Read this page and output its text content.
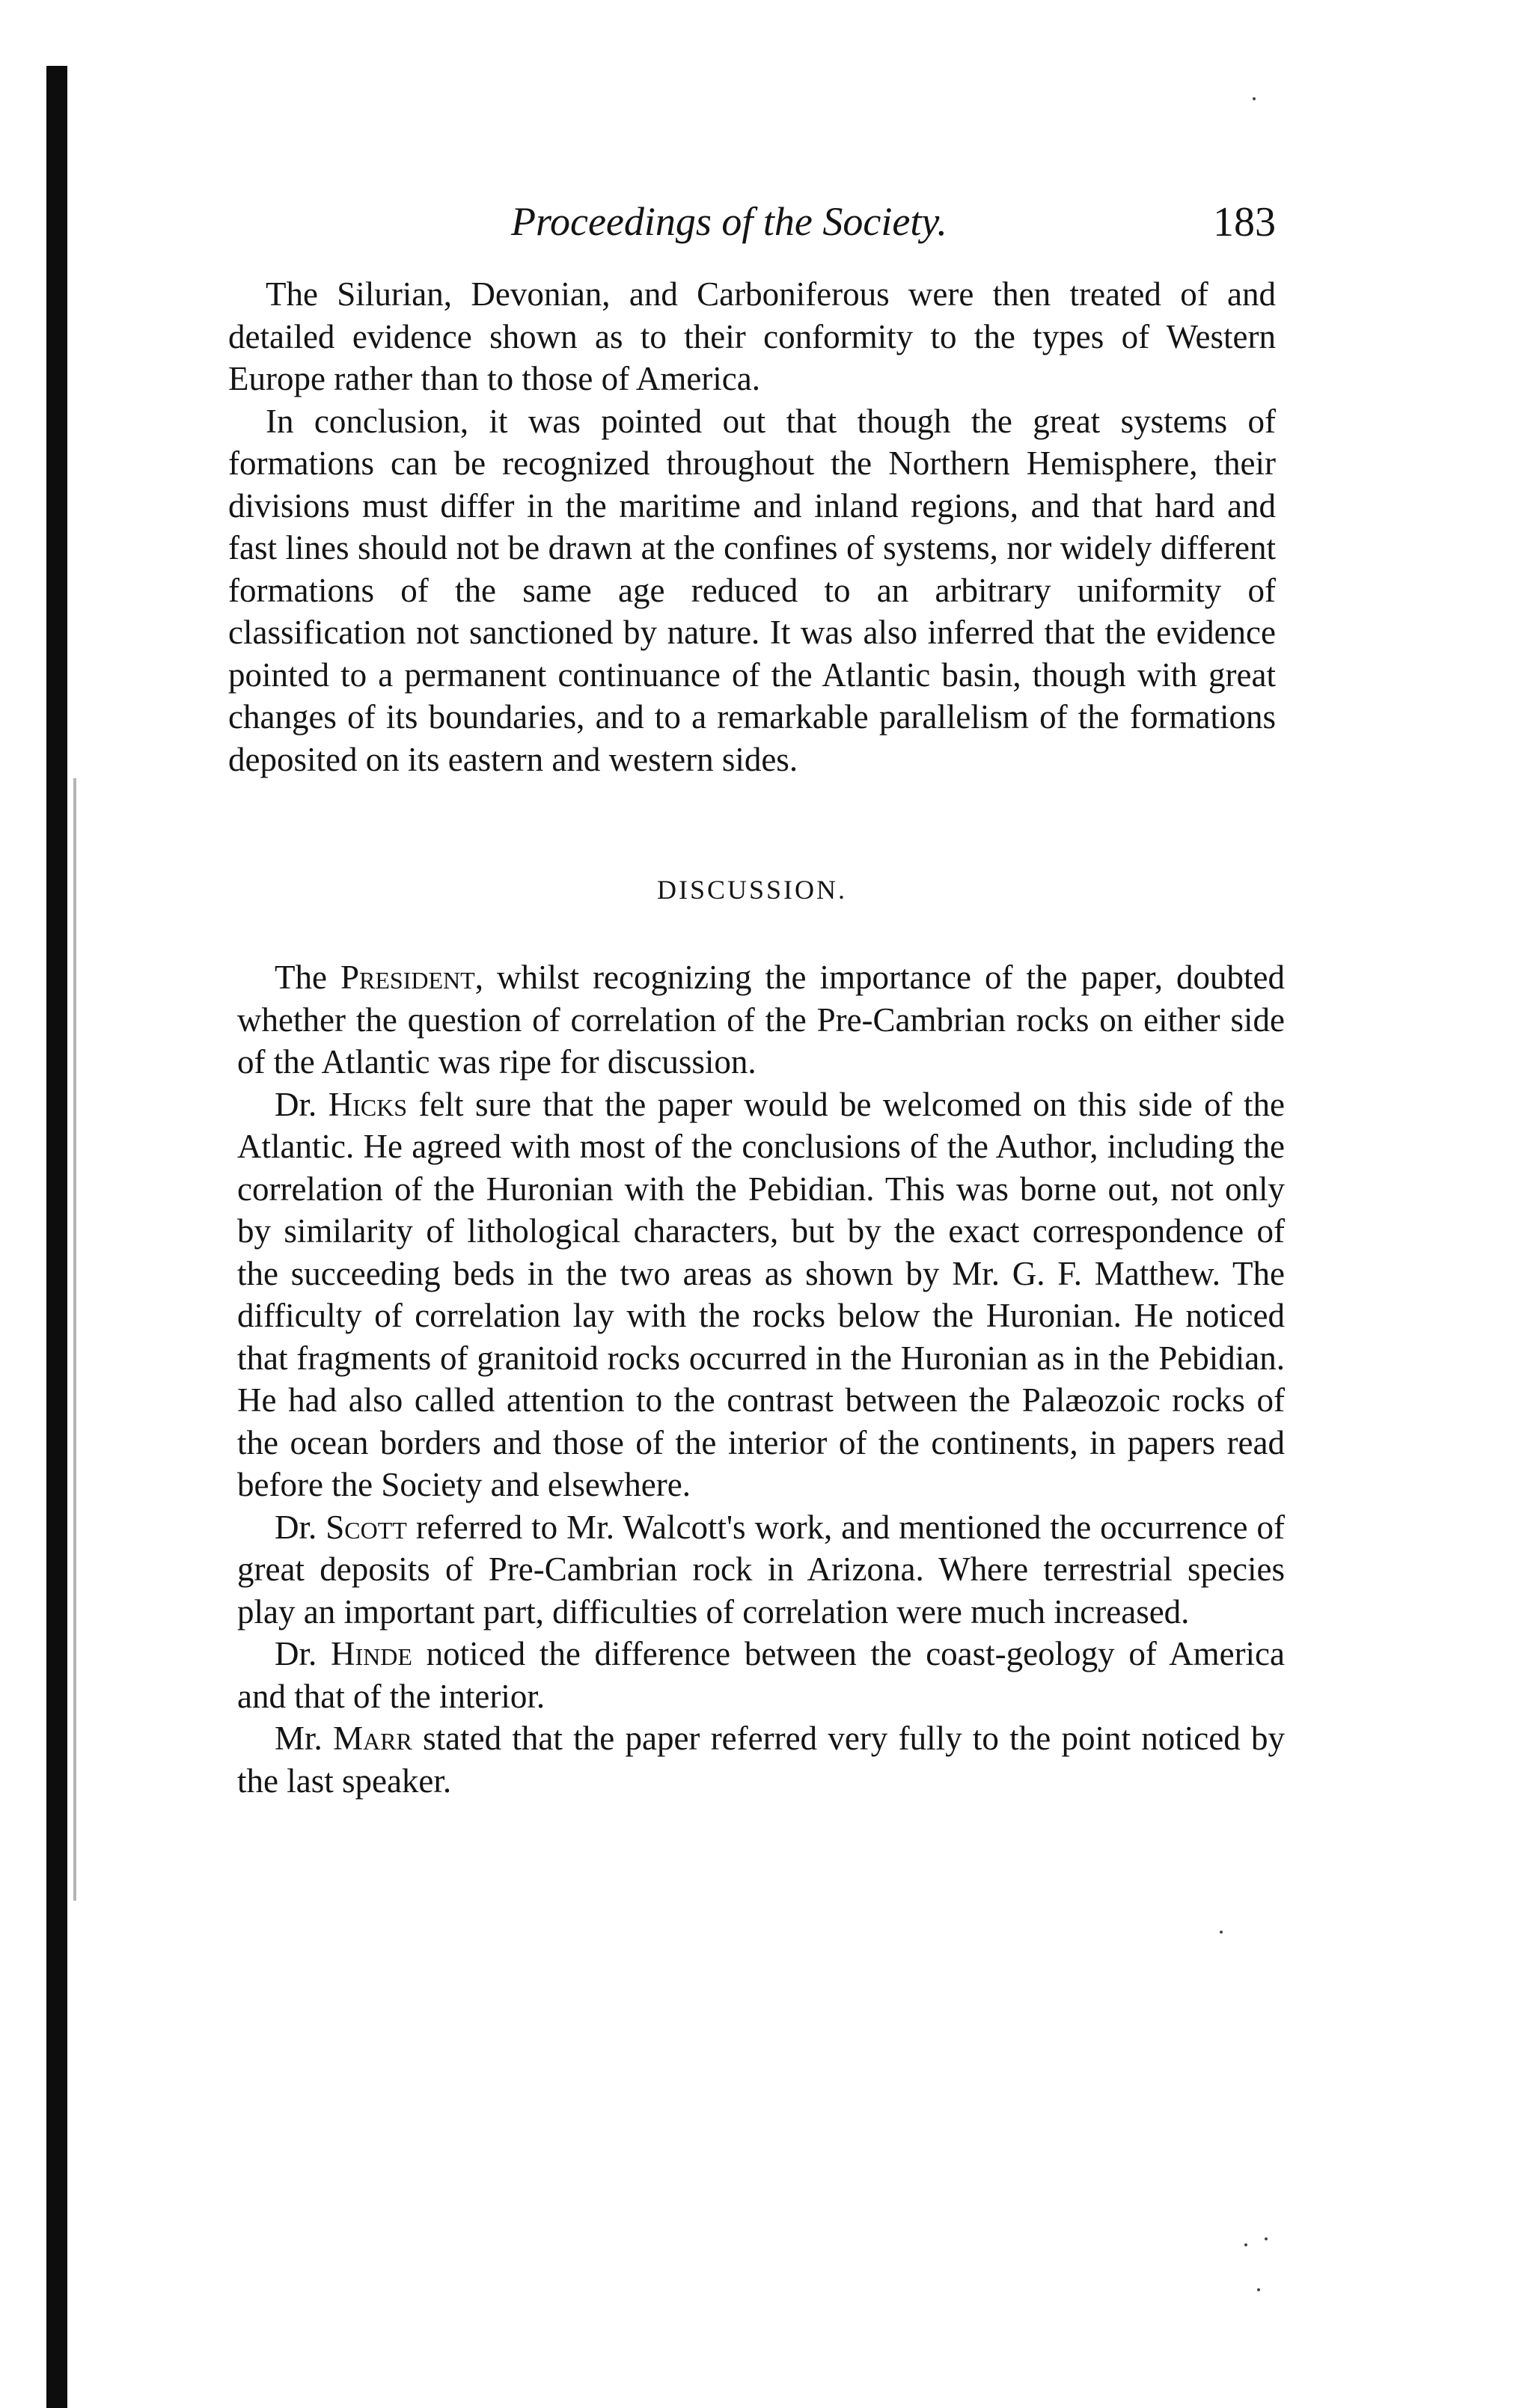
Proceedings of the Society.	183

The Silurian, Devonian, and Carboniferous were then treated of and detailed evidence shown as to their conformity to the types of Western Europe rather than to those of America.

In conclusion, it was pointed out that though the great systems of formations can be recognized throughout the Northern Hemisphere, their divisions must differ in the maritime and inland regions, and that hard and fast lines should not be drawn at the confines of systems, nor widely different formations of the same age reduced to an arbitrary uniformity of classification not sanctioned by nature. It was also inferred that the evidence pointed to a permanent continuance of the Atlantic basin, though with great changes of its boundaries, and to a remarkable parallelism of the formations deposited on its eastern and western sides.

DISCUSSION.

The President, whilst recognizing the importance of the paper, doubted whether the question of correlation of the Pre-Cambrian rocks on either side of the Atlantic was ripe for discussion.

Dr. Hicks felt sure that the paper would be welcomed on this side of the Atlantic. He agreed with most of the conclusions of the Author, including the correlation of the Huronian with the Pebidian. This was borne out, not only by similarity of lithological characters, but by the exact correspondence of the succeeding beds in the two areas as shown by Mr. G. F. Matthew. The difficulty of correlation lay with the rocks below the Huronian. He noticed that fragments of granitoid rocks occurred in the Huronian as in the Pebidian. He had also called attention to the contrast between the Palæozoic rocks of the ocean borders and those of the interior of the continents, in papers read before the Society and elsewhere.

Dr. Scott referred to Mr. Walcott's work, and mentioned the occurrence of great deposits of Pre-Cambrian rock in Arizona. Where terrestrial species play an important part, difficulties of correlation were much increased.

Dr. Hinde noticed the difference between the coast-geology of America and that of the interior.

Mr. Marr stated that the paper referred very fully to the point noticed by the last speaker.
